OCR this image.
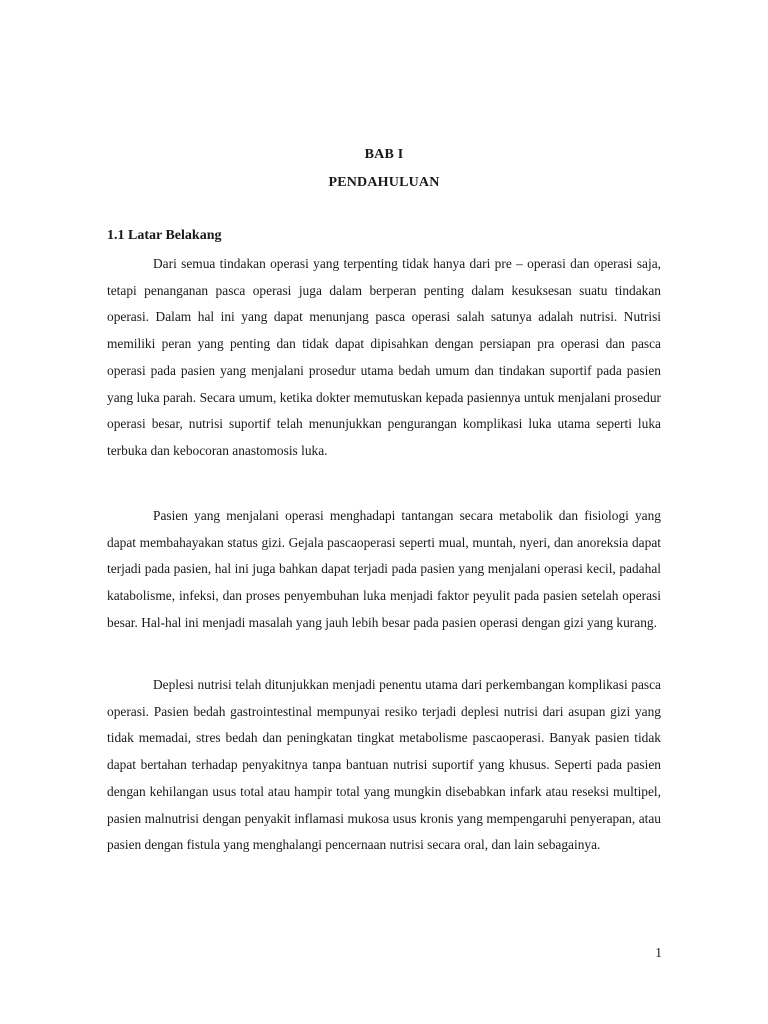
BAB I
PENDAHULUAN
1.1 Latar Belakang

Dari semua tindakan operasi yang terpenting tidak hanya dari pre – operasi dan operasi saja, tetapi penanganan pasca operasi juga dalam berperan penting dalam kesuksesan suatu tindakan operasi. Dalam hal ini yang dapat menunjang pasca operasi salah satunya adalah nutrisi. Nutrisi memiliki peran yang penting dan tidak dapat dipisahkan dengan persiapan pra operasi dan pasca operasi pada pasien yang menjalani prosedur utama bedah umum dan tindakan suportif pada pasien yang luka parah. Secara umum, ketika dokter memutuskan kepada pasiennya untuk menjalani prosedur operasi besar, nutrisi suportif telah menunjukkan pengurangan komplikasi luka utama seperti luka terbuka dan kebocoran anastomosis luka.

Pasien yang menjalani operasi menghadapi tantangan secara metabolik dan fisiologi yang dapat membahayakan status gizi. Gejala pascaoperasi seperti mual, muntah, nyeri, dan anoreksia dapat terjadi pada pasien, hal ini juga bahkan dapat terjadi pada pasien yang menjalani operasi kecil, padahal katabolisme, infeksi, dan proses penyembuhan luka menjadi faktor peyulit pada pasien setelah operasi besar. Hal-hal ini menjadi masalah yang jauh lebih besar pada pasien operasi dengan gizi yang kurang.

Deplesi nutrisi telah ditunjukkan menjadi penentu utama dari perkembangan komplikasi pasca operasi. Pasien bedah gastrointestinal mempunyai resiko terjadi deplesi nutrisi dari asupan gizi yang tidak memadai, stres bedah dan peningkatan tingkat metabolisme pascaoperasi. Banyak pasien tidak dapat bertahan terhadap penyakitnya tanpa bantuan nutrisi suportif yang khusus. Seperti pada pasien dengan kehilangan usus total atau hampir total yang mungkin disebabkan infark atau reseksi multipel, pasien malnutrisi dengan penyakit inflamasi mukosa usus kronis yang mempengaruhi penyerapan, atau pasien dengan fistula yang menghalangi pencernaan nutrisi secara oral, dan lain sebagainya.

1
